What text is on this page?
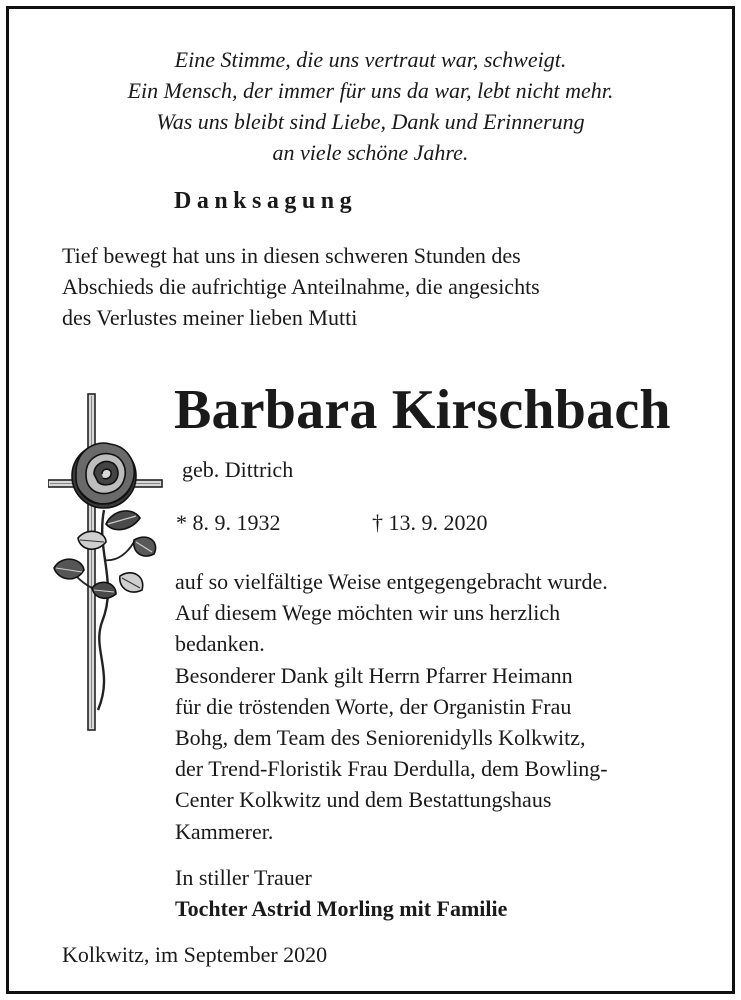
Eine Stimme, die uns vertraut war, schweigt.
Ein Mensch, der immer für uns da war, lebt nicht mehr.
Was uns bleibt sind Liebe, Dank und Erinnerung
an viele schöne Jahre.
Danksagung
Tief bewegt hat uns in diesen schweren Stunden des
Abschieds die aufrichtige Anteilnahme, die angesichts
des Verlustes meiner lieben Mutti
Barbara Kirschbach
geb. Dittrich
* 8. 9. 1932	† 13. 9. 2020
auf so vielfältige Weise entgegengebracht wurde.
Auf diesem Wege möchten wir uns herzlich
bedanken.
Besonderer Dank gilt Herrn Pfarrer Heimann
für die tröstenden Worte, der Organistin Frau
Bohg, dem Team des Seniorenidylls Kolkwitz,
der Trend-Floristik Frau Derdulla, dem Bowling-
Center Kolkwitz und dem Bestattungshaus
Kammerer.
In stiller Trauer
Tochter Astrid Morling mit Familie
Kolkwitz, im September 2020
